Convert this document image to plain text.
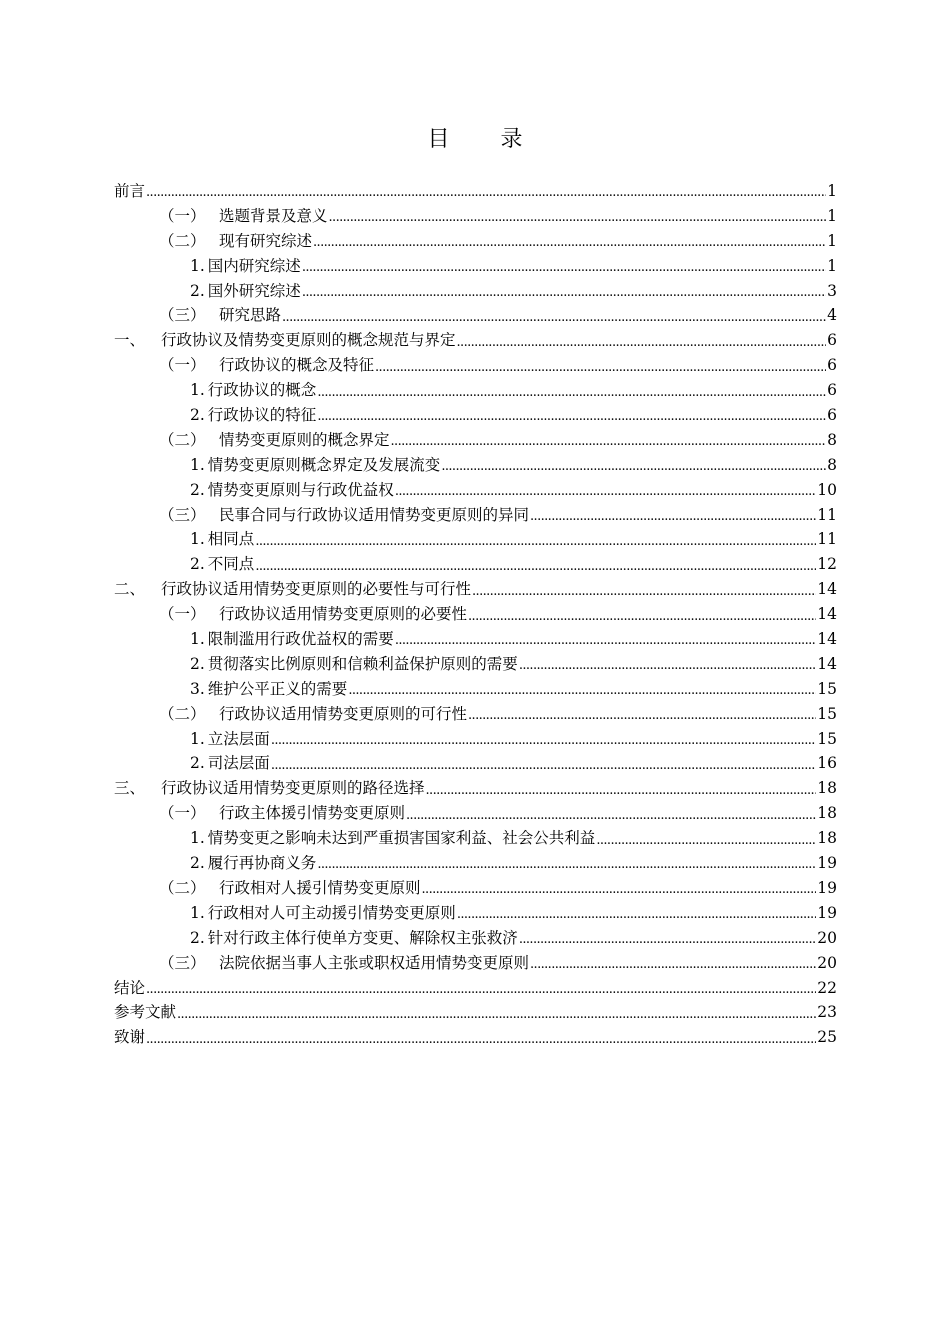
目 录
前言 .....	1
（一） 选题背景及意义 .....	1
（二） 现有研究综述 .....	1
1. 国内研究综述 .....	1
2. 国外研究综述 .....	3
（三） 研究思路 .....	4
一、	行政协议及情势变更原则的概念规范与界定 .....	6
（一） 行政协议的概念及特征 .....	6
1. 行政协议的概念 .....	6
2. 行政协议的特征 .....	6
（二） 情势变更原则的概念界定 .....	8
1. 情势变更原则概念界定及发展流变 .....	8
2. 情势变更原则与行政优益权 .....	10
（三） 民事合同与行政协议适用情势变更原则的异同 .....	11
1. 相同点 .....	11
2. 不同点 .....	12
二、	行政协议适用情势变更原则的必要性与可行性 .....	14
（一） 行政协议适用情势变更原则的必要性 .....	14
1. 限制滥用行政优益权的需要 .....	14
2. 贯彻落实比例原则和信赖利益保护原则的需要 .....	14
3. 维护公平正义的需要 .....	15
（二） 行政协议适用情势变更原则的可行性 .....	15
1. 立法层面 .....	15
2. 司法层面 .....	16
三、	行政协议适用情势变更原则的路径选择 .....	18
（一） 行政主体援引情势变更原则 .....	18
1. 情势变更之影响未达到严重损害国家利益、社会公共利益 .....	18
2. 履行再协商义务 .....	19
（二） 行政相对人援引情势变更原则 .....	19
1. 行政相对人可主动援引情势变更原则 .....	19
2. 针对行政主体行使单方变更、解除权主张救济 .....	20
（三） 法院依据当事人主张或职权适用情势变更原则 .....	20
结论 .....	22
参考文献 .....	23
致谢 .....	25
